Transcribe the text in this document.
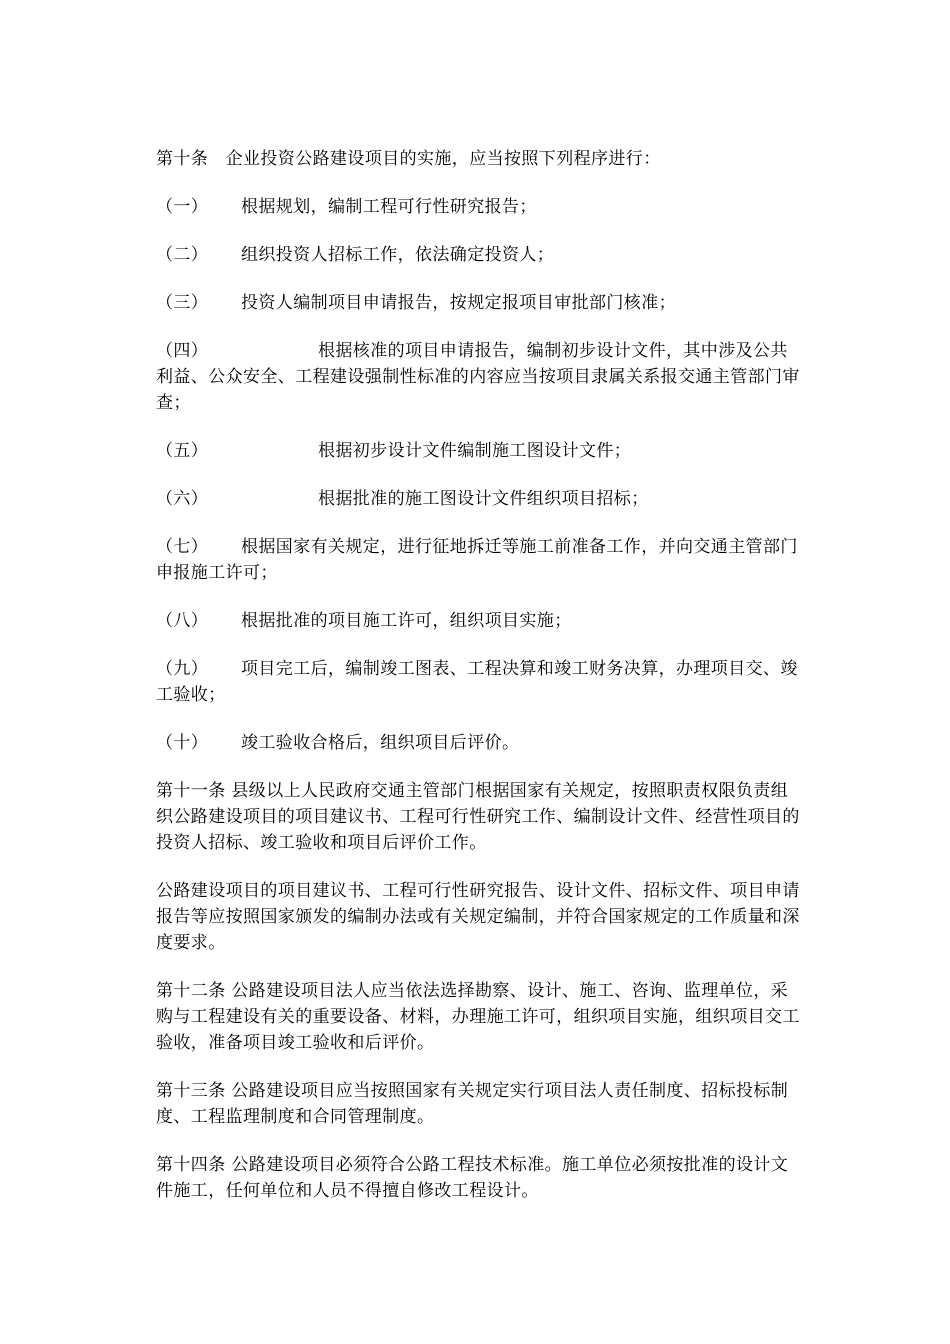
第十条　企业投资公路建设项目的实施，应当按照下列程序进行：

（一）	根据规划，编制工程可行性研究报告；
（二）	组织投资人招标工作，依法确定投资人；
（三）	投资人编制项目申请报告，按规定报项目审批部门核准；
（四）	根据核准的项目申请报告，编制初步设计文件，其中涉及公共利益、公众安全、工程建设强制性标准的内容应当按项目隶属关系报交通主管部门审查；
（五）	根据初步设计文件编制施工图设计文件；
（六）	根据批准的施工图设计文件组织项目招标；
（七） 根据国家有关规定，进行征地拆迁等施工前准备工作，并向交通主管部门申报施工许可；
（八）	根据批准的项目施工许可，组织项目实施；
（九） 项目完工后，编制竣工图表、工程决算和竣工财务决算，办理项目交、竣工验收；
（十）	竣工验收合格后，组织项目后评价。

第十一条 县级以上人民政府交通主管部门根据国家有关规定，按照职责权限负责组织公路建设项目的项目建议书、工程可行性研究工作、编制设计文件、经营性项目的投资人招标、竣工验收和项目后评价工作。

公路建设项目的项目建议书、工程可行性研究报告、设计文件、招标文件、项目申请报告等应按照国家颁发的编制办法或有关规定编制，并符合国家规定的工作质量和深度要求。

第十二条 公路建设项目法人应当依法选择勘察、设计、施工、咨询、监理单位，采购与工程建设有关的重要设备、材料，办理施工许可，组织项目实施，组织项目交工验收，准备项目竣工验收和后评价。

第十三条 公路建设项目应当按照国家有关规定实行项目法人责任制度、招标投标制度、工程监理制度和合同管理制度。

第十四条 公路建设项目必须符合公路工程技术标准。施工单位必须按批准的设计文件施工，任何单位和人员不得擅自修改工程设计。
